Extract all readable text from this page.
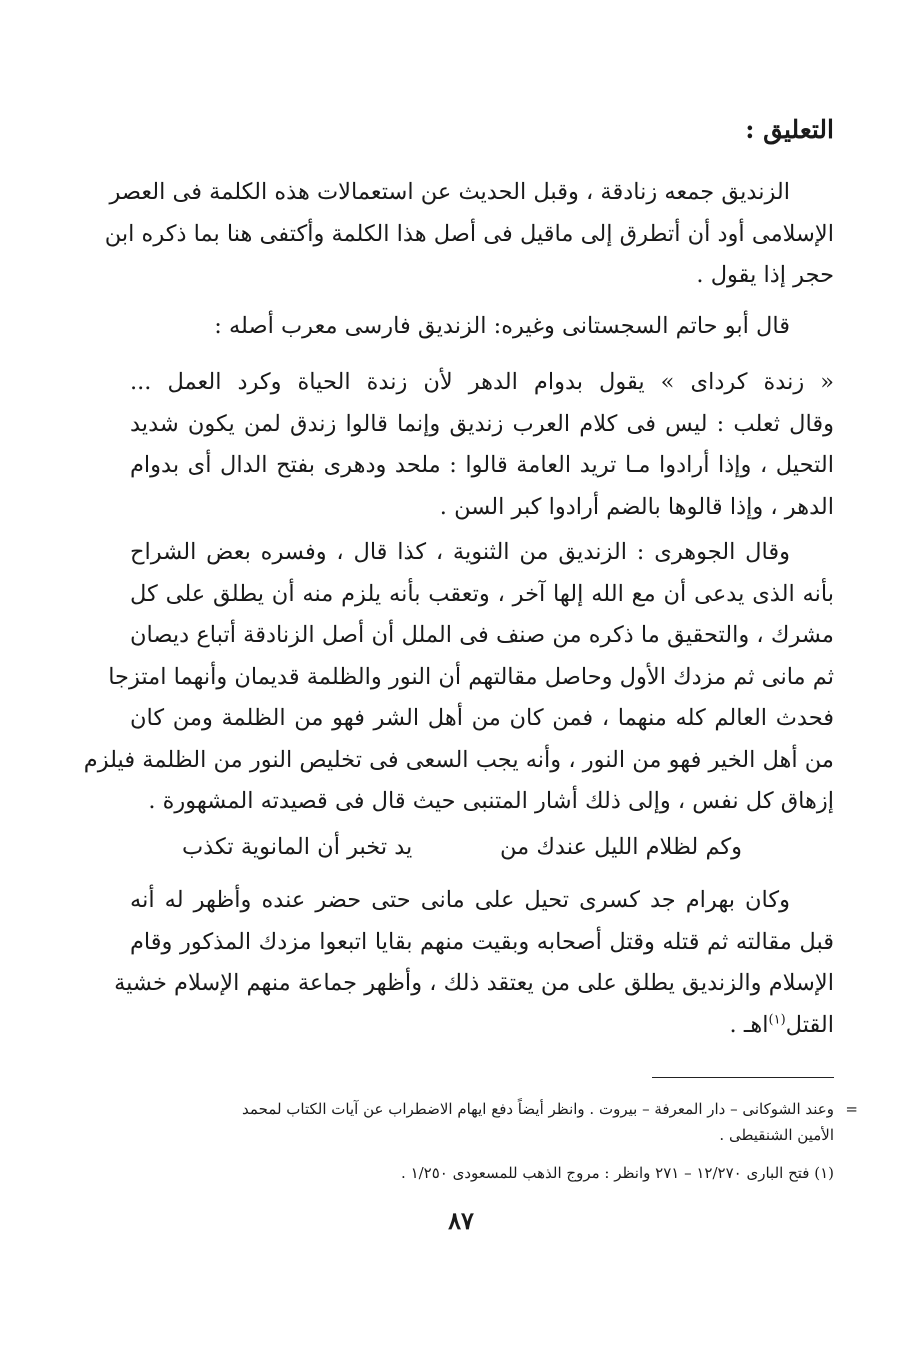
التعليق :
الزنديق جمعه زنادقة ، وقبل الحديث عن استعمالات هذه الكلمة فى العصر
الإسلامى أود أن أتطرق إلى ماقيل فى أصل هذا الكلمة وأكتفى هنا بما ذكره ابن
حجر إذا يقول .
قال أبو حاتم السجستانى وغيره: الزنديق فارسى معرب أصله :
« زندة كرداى » يقول بدوام الدهر لأن زندة الحياة وكرد العمل ...
وقال ثعلب : ليس فى كلام العرب زنديق وإنما قالوا زندق لمن يكون شديد
التحيل ، وإذا أرادوا مـا تريد العامة قالوا : ملحد ودهرى بفتح الدال أى بدوام
الدهر ، وإذا قالوها بالضم أرادوا كبر السن .
وقال الجوهرى : الزنديق من الثنوية ، كذا قال ، وفسره بعض الشراح
بأنه الذى يدعى أن مع الله إلها آخر ، وتعقب بأنه يلزم منه أن يطلق على كل
مشرك ، والتحقيق ما ذكره من صنف فى الملل أن أصل الزنادقة أتباع ديصان
ثم مانى ثم مزدك الأول وحاصل مقالتهم أن النور والظلمة قديمان وأنهما امتزجا
فحدث العالم كله منهما ، فمن كان من أهل الشر فهو من الظلمة ومن كان
من أهل الخير فهو من النور ، وأنه يجب السعى فى تخليص النور من الظلمة فيلزم
إزهاق كل نفس ، وإلى ذلك أشار المتنبى حيث قال فى قصيدته المشهورة .
وكم لظلام الليل عندك من
يد تخبر أن المانوية تكذب
وكان بهرام جد كسرى تحيل على مانى حتى حضر عنده وأظهر له أنه
قبل مقالته ثم قتله وقتل أصحابه وبقيت منهم بقايا اتبعوا مزدك المذكور وقام
الإسلام والزنديق يطلق على من يعتقد ذلك ، وأظهر جماعة منهم الإسلام خشية
القتل$^{(١)}$اهـ .
=
وعند الشوكانى – دار المعرفة – بيروت . وانظر أيضاً دفع ايهام الاضطراب عن آيات الكتاب لمحمد
الأمين الشنقيطى .
(١) فتح البارى ١٢/٢٧٠ – ٢٧١ وانظر : مروج الذهب للمسعودى ١/٢٥٠ .
٨٧
